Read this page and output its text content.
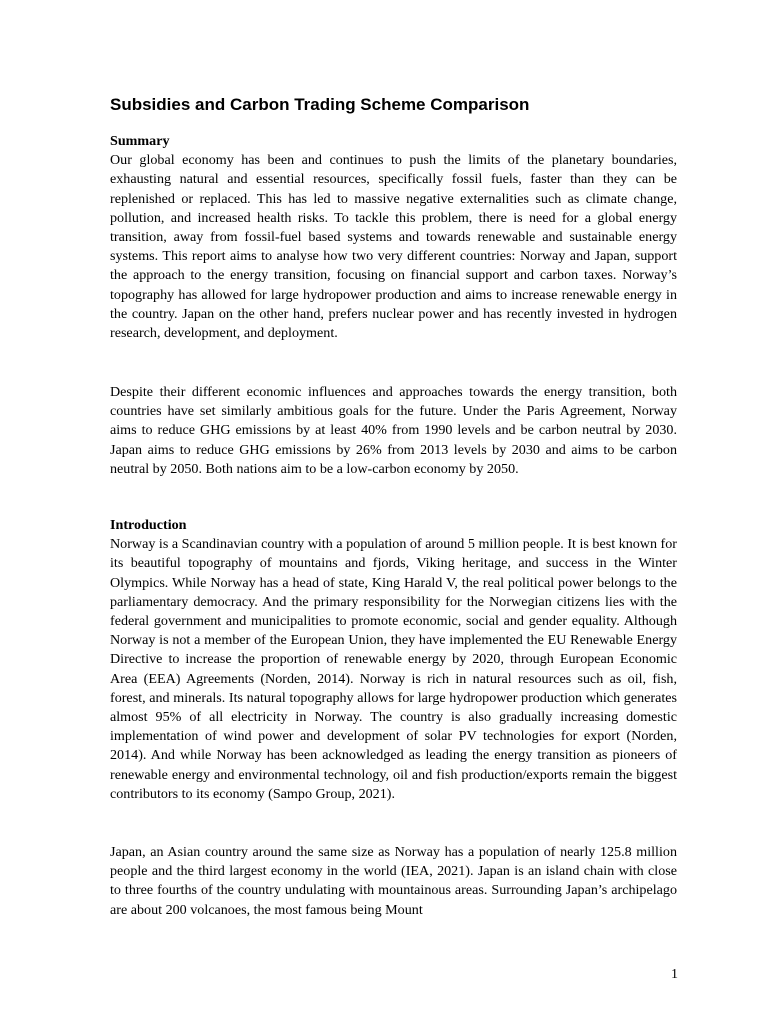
Subsidies and Carbon Trading Scheme Comparison
Summary

Our global economy has been and continues to push the limits of the planetary boundaries, exhausting natural and essential resources, specifically fossil fuels, faster than they can be replenished or replaced. This has led to massive negative externalities such as climate change, pollution, and increased health risks. To tackle this problem, there is need for a global energy transition, away from fossil-fuel based systems and towards renewable and sustainable energy systems. This report aims to analyse how two very different countries: Norway and Japan, support the approach to the energy transition, focusing on financial support and carbon taxes. Norway’s topography has allowed for large hydropower production and aims to increase renewable energy in the country. Japan on the other hand, prefers nuclear power and has recently invested in hydrogen research, development, and deployment.

Despite their different economic influences and approaches towards the energy transition, both countries have set similarly ambitious goals for the future. Under the Paris Agreement, Norway aims to reduce GHG emissions by at least 40% from 1990 levels and be carbon neutral by 2030. Japan aims to reduce GHG emissions by 26% from 2013 levels by 2030 and aims to be carbon neutral by 2050. Both nations aim to be a low-carbon economy by 2050.

Introduction

Norway is a Scandinavian country with a population of around 5 million people. It is best known for its beautiful topography of mountains and fjords, Viking heritage, and success in the Winter Olympics. While Norway has a head of state, King Harald V, the real political power belongs to the parliamentary democracy. And the primary responsibility for the Norwegian citizens lies with the federal government and municipalities to promote economic, social and gender equality. Although Norway is not a member of the European Union, they have implemented the EU Renewable Energy Directive to increase the proportion of renewable energy by 2020, through European Economic Area (EEA) Agreements (Norden, 2014). Norway is rich in natural resources such as oil, fish, forest, and minerals. Its natural topography allows for large hydropower production which generates almost 95% of all electricity in Norway. The country is also gradually increasing domestic implementation of wind power and development of solar PV technologies for export (Norden, 2014). And while Norway has been acknowledged as leading the energy transition as pioneers of renewable energy and environmental technology, oil and fish production/exports remain the biggest contributors to its economy (Sampo Group, 2021).

Japan, an Asian country around the same size as Norway has a population of nearly 125.8 million people and the third largest economy in the world (IEA, 2021). Japan is an island chain with close to three fourths of the country undulating with mountainous areas. Surrounding Japan’s archipelago are about 200 volcanoes, the most famous being Mount

1
